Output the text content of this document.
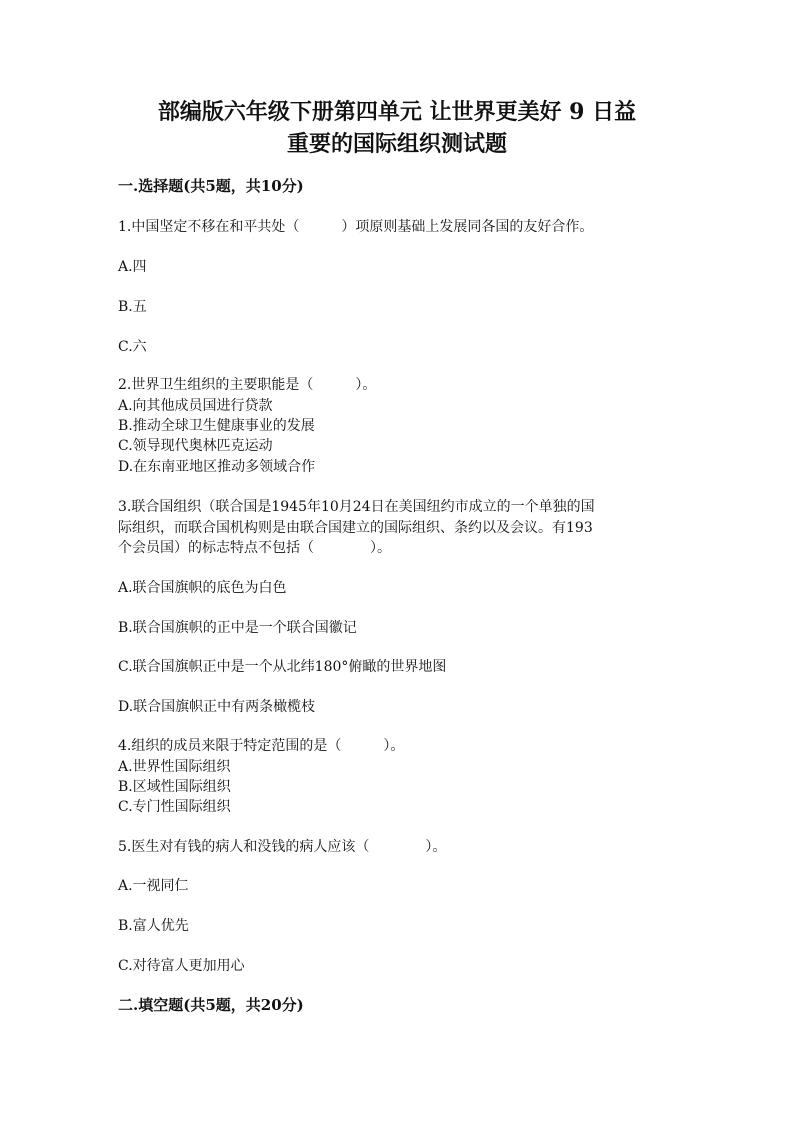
部编版六年级下册第四单元 让世界更美好 9 日益
重要的国际组织测试题
一.选择题(共5题，共10分)
1.中国坚定不移在和平共处（　　　）项原则基础上发展同各国的友好合作。
A.四
B.五
C.六
2.世界卫生组织的主要职能是（　　　）。
A.向其他成员国进行贷款
B.推动全球卫生健康事业的发展
C.领导现代奥林匹克运动
D.在东南亚地区推动多领域合作
3.联合国组织（联合国是1945年10月24日在美国纽约市成立的一个单独的国
际组织，而联合国机构则是由联合国建立的国际组织、条约以及会议。有193
个会员国）的标志特点不包括（　　　　）。
A.联合国旗帜的底色为白色
B.联合国旗帜的正中是一个联合国徽记
C.联合国旗帜正中是一个从北纬180°俯瞰的世界地图
D.联合国旗帜正中有两条橄榄枝
4.组织的成员来限于特定范围的是（　　　）。
A.世界性国际组织
B.区域性国际组织
C.专门性国际组织
5.医生对有钱的病人和没钱的病人应该（　　　　）。
A.一视同仁
B.富人优先
C.对待富人更加用心
二.填空题(共5题，共20分)
